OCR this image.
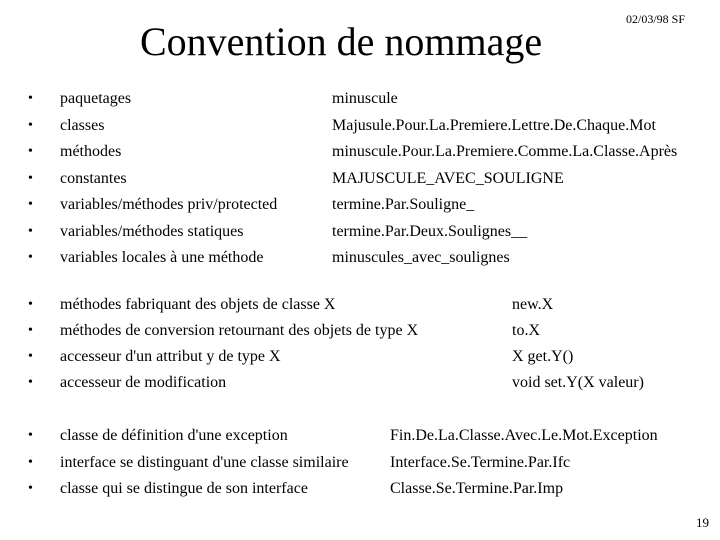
Convention de nommage	02/03/98 SF
• paquetages	minuscule
• classes	Majusule.Pour.La.Premiere.Lettre.De.Chaque.Mot
• méthodes	minuscule.Pour.La.Premiere.Comme.La.Classe.Après
• constantes	MAJUSCULE_AVEC_SOULIGNE
• variables/méthodes priv/protected	termine.Par.Souligne_
• variables/méthodes statiques	termine.Par.Deux.Soulignes__
• variables locales à une méthode	minuscules_avec_soulignes
• méthodes fabriquant des objets de classe X	new.X
• méthodes de conversion retournant des objets de type X	to.X
• accesseur d'un attribut y de type X	X get.Y()
• accesseur de modification	void set.Y(X valeur)
• classe de définition d'une exception	Fin.De.La.Classe.Avec.Le.Mot.Exception
• interface se distinguant d'une classe similaire	Interface.Se.Termine.Par.Ifc
• classe qui se distingue de son interface	Classe.Se.Termine.Par.Imp
19
